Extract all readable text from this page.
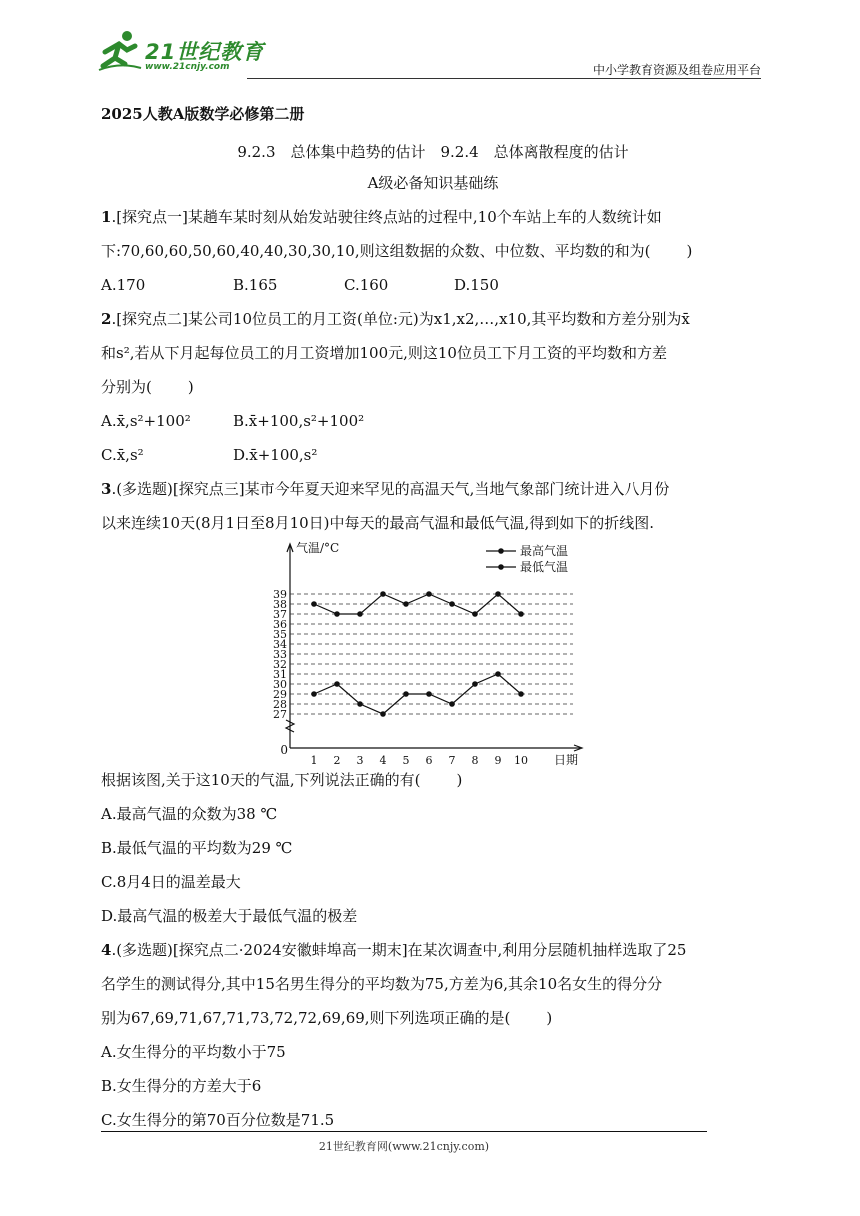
21世纪教育
www.21cnjy.com	中小学教育资源及组卷应用平台
2025人教A版数学必修第二册
9.2.3　总体集中趋势的估计　9.2.4　总体离散程度的估计
A级必备知识基础练
1.[探究点一]某趟车某时刻从始发站驶往终点站的过程中,10个车站上车的人数统计如
下:70,60,60,50,60,40,40,30,30,10,则这组数据的众数、中位数、平均数的和为( )
A.170	B.165	C.160	D.150
2.[探究点二]某公司10位员工的月工资(单位:元)为x1,x2,…,x10,其平均数和方差分别为x̄
和s²,若从下月起每位员工的月工资增加100元,则这10位员工下月工资的平均数和方差
分别为( )
A.x̄,s²+100²	B.x̄+100,s²+100²
C.x̄,s²	D.x̄+100,s²
3.(多选题)[探究点三]某市今年夏天迎来罕见的高温天气,当地气象部门统计进入八月份
以来连续10天(8月1日至8月10日)中每天的最高气温和最低气温,得到如下的折线图.
27
28
29
30
31
32
33
34
35
36
37
38
39
1 2 3 4 5 6 7 8 9 10
0
气温/°C
日期
最高气温
最低气温
根据该图,关于这10天的气温,下列说法正确的有( )
A.最高气温的众数为38 ℃
B.最低气温的平均数为29 ℃
C.8月4日的温差最大
D.最高气温的极差大于最低气温的极差
4.(多选题)[探究点二·2024安徽蚌埠高一期末]在某次调查中,利用分层随机抽样选取了25
名学生的测试得分,其中15名男生得分的平均数为75,方差为6,其余10名女生的得分分
别为67,69,71,67,71,73,72,72,69,69,则下列选项正确的是( )
A.女生得分的平均数小于75
B.女生得分的方差大于6
C.女生得分的第70百分位数是71.5
21世纪教育网(www.21cnjy.com)
